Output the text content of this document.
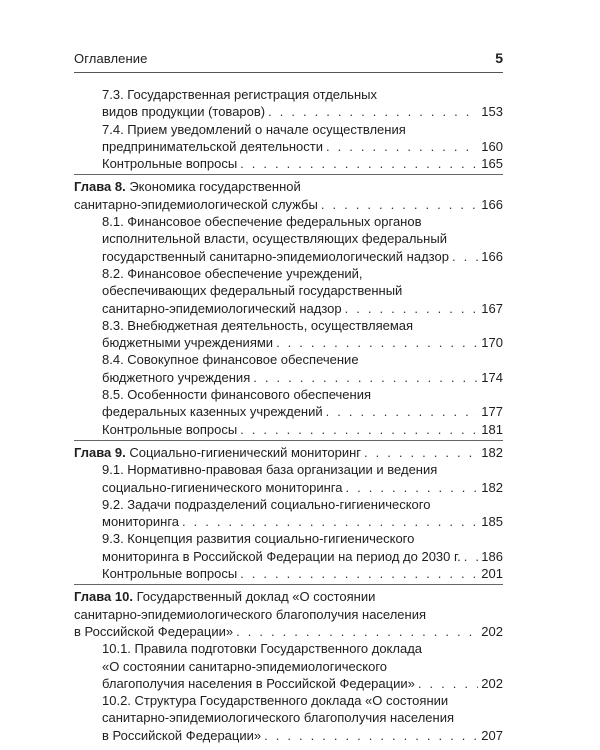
Оглавление	5
7.3. Государственная регистрация отдельных
видов продукции (товаров) . . .	153
7.4. Прием уведомлений о начале осуществления
предпринимательской деятельности . . .	160
Контрольные вопросы . . .	165
Глава 8. Экономика государственной
санитарно-эпидемиологической службы . . .	166
8.1. Финансовое обеспечение федеральных органов
исполнительной власти, осуществляющих федеральный
государственный санитарно-эпидемиологический надзор . . . 166
8.2. Финансовое обеспечение учреждений,
обеспечивающих федеральный государственный
санитарно-эпидемиологический надзор . . .	167
8.3. Внебюджетная деятельность, осуществляемая
бюджетными учреждениями . . .	170
8.4. Совокупное финансовое обеспечение
бюджетного учреждения . . .	174
8.5. Особенности финансового обеспечения
федеральных казенных учреждений . . .	177
Контрольные вопросы . . .	181
Глава 9. Социально-гигиенический мониторинг . . .	182
9.1. Нормативно-правовая база организации и ведения
социально-гигиенического мониторинга . . .	182
9.2. Задачи подразделений социально-гигиенического
мониторинга . . .	185
9.3. Концепция развития социально-гигиенического
мониторинга в Российской Федерации на период до 2030 г. . . . 186
Контрольные вопросы . . .	201
Глава 10. Государственный доклад «О состоянии
санитарно-эпидемиологического благополучия населения
в Российской Федерации» . . .	202
10.1. Правила подготовки Государственного доклада
«О состоянии санитарно-эпидемиологического
благополучия населения в Российской Федерации» . . .	202
10.2. Структура Государственного доклада «О состоянии
санитарно-эпидемиологического благополучия населения
в Российской Федерации» . . .	207
